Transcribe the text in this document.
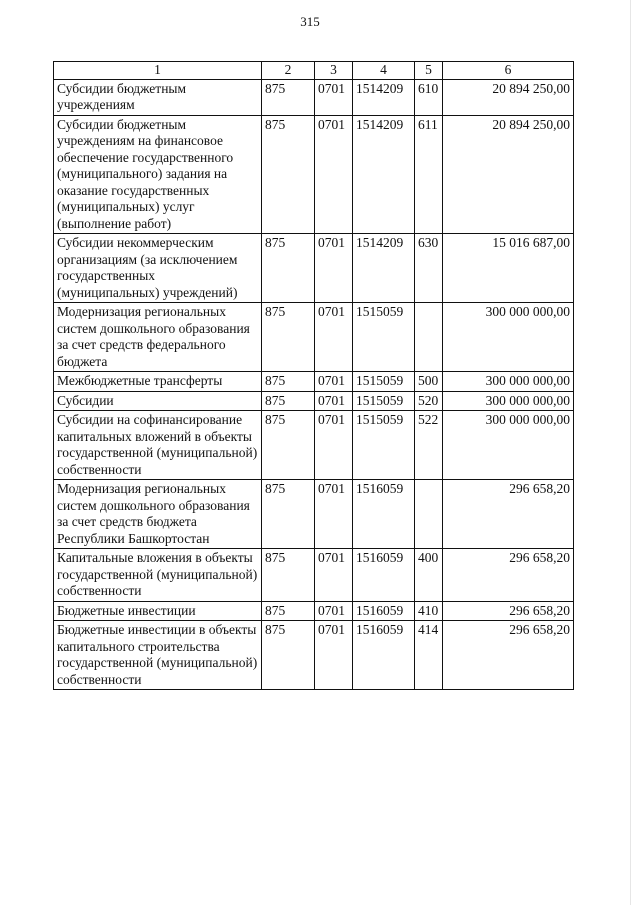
315
1	2	3	4	5	6
Субсидии бюджетным учреждениям	875	0701	1514209	610	20 894 250,00
Субсидии бюджетным учреждениям на финансовое обеспечение государственного (муниципального) задания на оказание государственных (муниципальных) услуг (выполнение работ)	875	0701	1514209	611	20 894 250,00
Субсидии некоммерческим организациям (за исключением государственных (муниципальных) учреждений)	875	0701	1514209	630	15 016 687,00
Модернизация региональных систем дошкольного образования за счет средств федерального бюджета	875	0701	1515059		300 000 000,00
Межбюджетные трансферты	875	0701	1515059	500	300 000 000,00
Субсидии	875	0701	1515059	520	300 000 000,00
Субсидии на софинансирование капитальных вложений в объекты государственной (муниципальной) собственности	875	0701	1515059	522	300 000 000,00
Модернизация региональных систем дошкольного образования за счет средств бюджета Республики Башкортостан	875	0701	1516059		296 658,20
Капитальные вложения в объекты государственной (муниципальной) собственности	875	0701	1516059	400	296 658,20
Бюджетные инвестиции	875	0701	1516059	410	296 658,20
Бюджетные инвестиции в объекты капитального строительства государственной (муниципальной) собственности	875	0701	1516059	414	296 658,20
